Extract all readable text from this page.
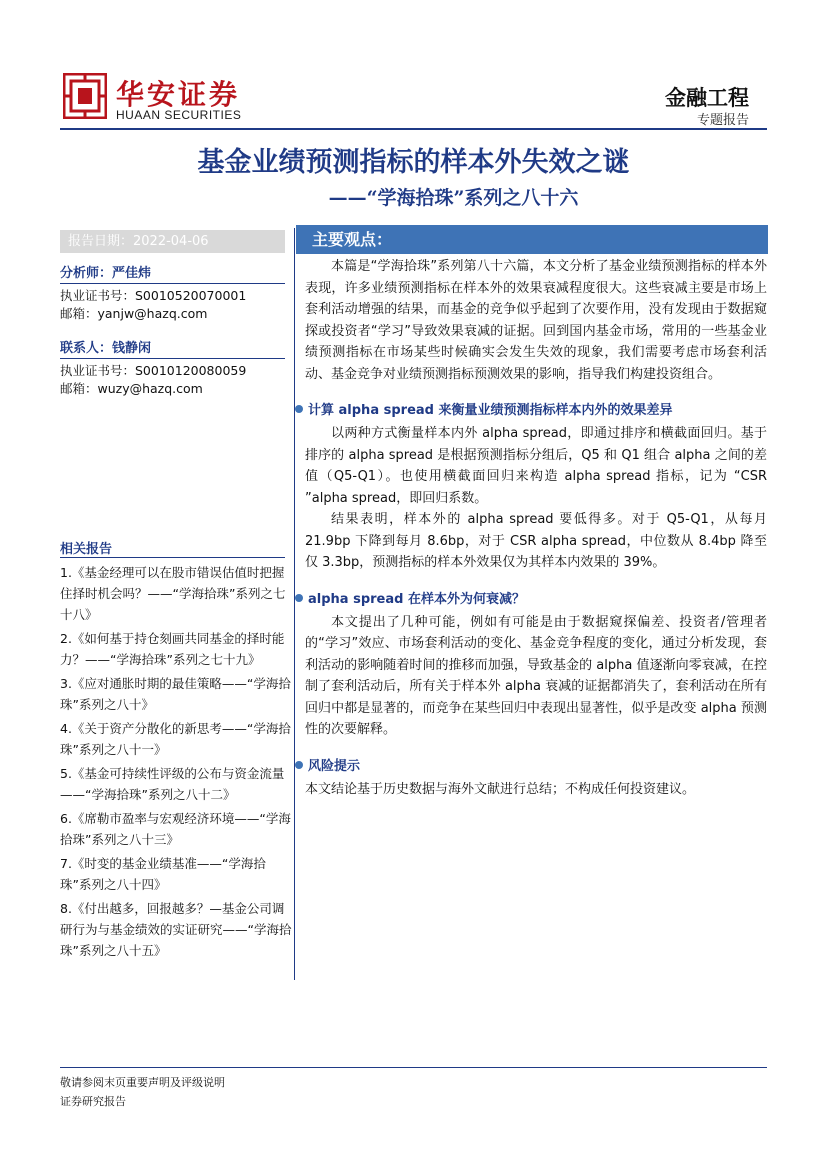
华安证券
HUAAN SECURITIES
金融工程
专题报告
基金业绩预测指标的样本外失效之谜
——“学海拾珠”系列之八十六
报告日期：2022-04-06
分析师：严佳炜
执业证书号：S0010520070001
邮箱：yanjw@hazq.com
联系人：钱静闲
执业证书号：S0010120080059
邮箱：wuzy@hazq.com
相关报告
1.《基金经理可以在股市错误估值时把握住择时机会吗？——“学海拾珠”系列之七十八》
2.《如何基于持仓刻画共同基金的择时能力？——“学海拾珠”系列之七十九》
3.《应对通胀时期的最佳策略——“学海拾珠”系列之八十》
4.《关于资产分散化的新思考——“学海拾珠”系列之八十一》
5.《基金可持续性评级的公布与资金流量——“学海拾珠”系列之八十二》
6.《席勒市盈率与宏观经济环境——“学海拾珠”系列之八十三》
7.《时变的基金业绩基准——“学海拾珠”系列之八十四》
8.《付出越多，回报越多？—基金公司调研行为与基金绩效的实证研究——“学海拾珠”系列之八十五》
主要观点：

本篇是“学海拾珠”系列第八十六篇，本文分析了基金业绩预测指标的样本外表现，许多业绩预测指标在样本外的效果衰减程度很大。这些衰减主要是市场上套利活动增强的结果，而基金的竞争似乎起到了次要作用，没有发现由于数据窥探或投资者“学习”导致效果衰减的证据。回到国内基金市场，常用的一些基金业绩预测指标在市场某些时候确实会发生失效的现象，我们需要考虑市场套利活动、基金竞争对业绩预测指标预测效果的影响，指导我们构建投资组合。

计算 alpha spread 来衡量业绩预测指标样本内外的效果差异

以两种方式衡量样本内外 alpha spread，即通过排序和横截面回归。基于排序的 alpha spread 是根据预测指标分组后，Q5 和 Q1 组合 alpha 之间的差值（Q5-Q1）。也使用横截面回归来构造 alpha spread 指标，记为 “CSR ”alpha spread，即回归系数。

结果表明，样本外的 alpha spread 要低得多。对于 Q5-Q1，从每月 21.9bp 下降到每月 8.6bp，对于 CSR alpha spread，中位数从 8.4bp 降至仅 3.3bp，预测指标的样本外效果仅为其样本内效果的 39%。

alpha spread 在样本外为何衰减？

本文提出了几种可能，例如有可能是由于数据窥探偏差、投资者/管理者的“学习”效应、市场套利活动的变化、基金竞争程度的变化，通过分析发现，套利活动的影响随着时间的推移而加强，导致基金的 alpha 值逐渐向零衰减，在控制了套利活动后，所有关于样本外 alpha 衰减的证据都消失了，套利活动在所有回归中都是显著的，而竞争在某些回归中表现出显著性，似乎是改变 alpha 预测性的次要解释。

风险提示

本文结论基于历史数据与海外文献进行总结；不构成任何投资建议。

敬请参阅末页重要声明及评级说明
证券研究报告
